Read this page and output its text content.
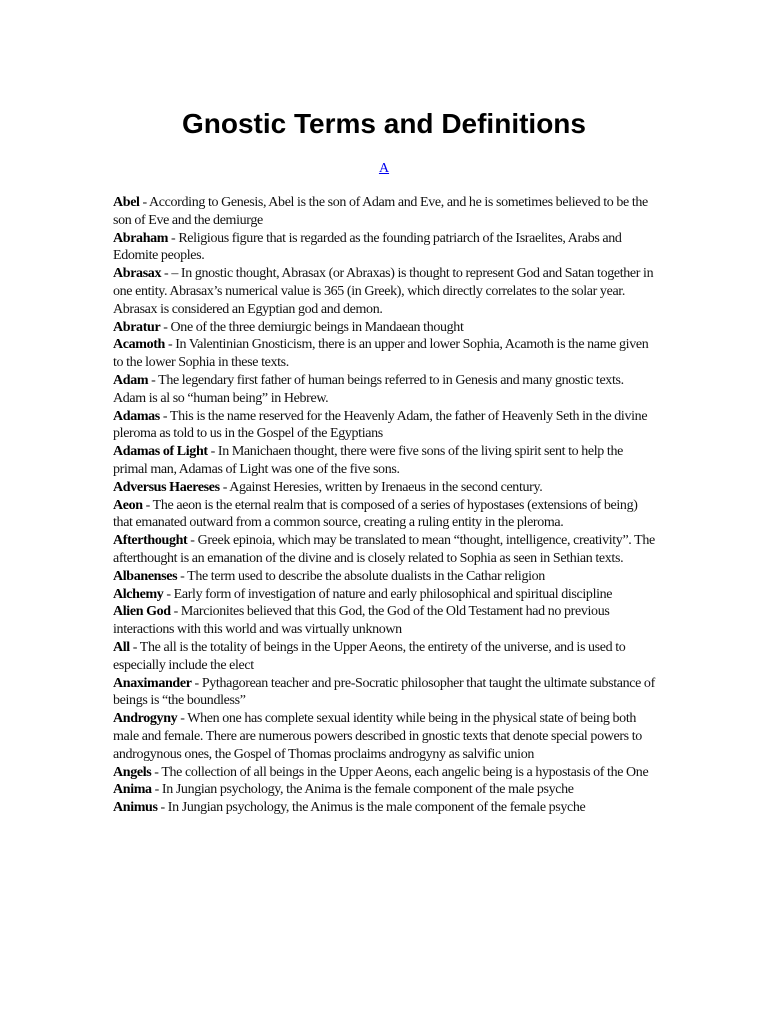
Gnostic Terms and Definitions
A

Abel - According to Genesis, Abel is the son of Adam and Eve, and he is sometimes believed to be the son of Eve and the demiurge

Abraham - Religious figure that is regarded as the founding patriarch of the Israelites, Arabs and Edomite peoples.

Abrasax - – In gnostic thought, Abrasax (or Abraxas) is thought to represent God and Satan together in one entity. Abrasax’s numerical value is 365 (in Greek), which directly correlates to the solar year. Abrasax is considered an Egyptian god and demon.

Abratur - One of the three demiurgic beings in Mandaean thought

Acamoth - In Valentinian Gnosticism, there is an upper and lower Sophia, Acamoth is the name given to the lower Sophia in these texts.

Adam - The legendary first father of human beings referred to in Genesis and many gnostic texts. Adam is al so “human being” in Hebrew.

Adamas - This is the name reserved for the Heavenly Adam, the father of Heavenly Seth in the divine pleroma as told to us in the Gospel of the Egyptians

Adamas of Light - In Manichaen thought, there were five sons of the living spirit sent to help the primal man, Adamas of Light was one of the five sons.

Adversus Haereses - Against Heresies, written by Irenaeus in the second century.

Aeon - The aeon is the eternal realm that is composed of a series of hypostases (extensions of being) that emanated outward from a common source, creating a ruling entity in the pleroma.

Afterthought - Greek epinoia, which may be translated to mean “thought, intelligence, creativity”. The afterthought is an emanation of the divine and is closely related to Sophia as seen in Sethian texts.

Albanenses - The term used to describe the absolute dualists in the Cathar religion

Alchemy - Early form of investigation of nature and early philosophical and spiritual discipline

Alien God - Marcionites believed that this God, the God of the Old Testament had no previous interactions with this world and was virtually unknown

All - The all is the totality of beings in the Upper Aeons, the entirety of the universe, and is used to especially include the elect

Anaximander - Pythagorean teacher and pre-Socratic philosopher that taught the ultimate substance of beings is “the boundless”

Androgyny - When one has complete sexual identity while being in the physical state of being both male and female. There are numerous powers described in gnostic texts that denote special powers to androgynous ones, the Gospel of Thomas proclaims androgyny as salvific union

Angels - The collection of all beings in the Upper Aeons, each angelic being is a hypostasis of the One

Anima - In Jungian psychology, the Anima is the female component of the male psyche

Animus - In Jungian psychology, the Animus is the male component of the female psyche
